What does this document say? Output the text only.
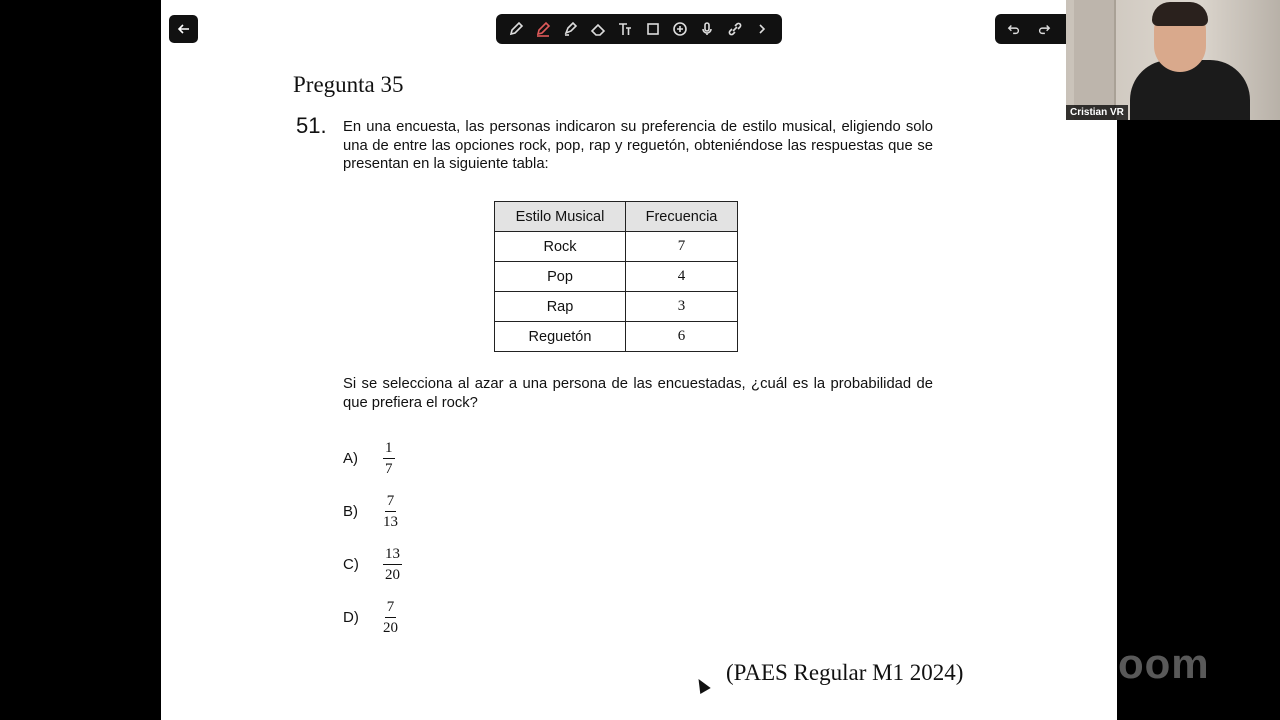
Cristian VR
Pregunta 35
51. En una encuesta, las personas indicaron su preferencia de estilo musical, eligiendo solo una de entre las opciones rock, pop, rap y reguetón, obteniéndose las respuestas que se presentan en la siguiente tabla:
Estilo Musical	Frecuencia
Rock	7
Pop	4
Rap	3
Reguetón	6
Si se selecciona al azar a una persona de las encuestadas, ¿cuál es la probabilidad de que prefiera el rock?
A)	$\frac{1}{7}$
B)	$\frac{7}{13}$
C)	$\frac{13}{20}$
D)	$\frac{7}{20}$
(PAES Regular M1 2024)	zoom
